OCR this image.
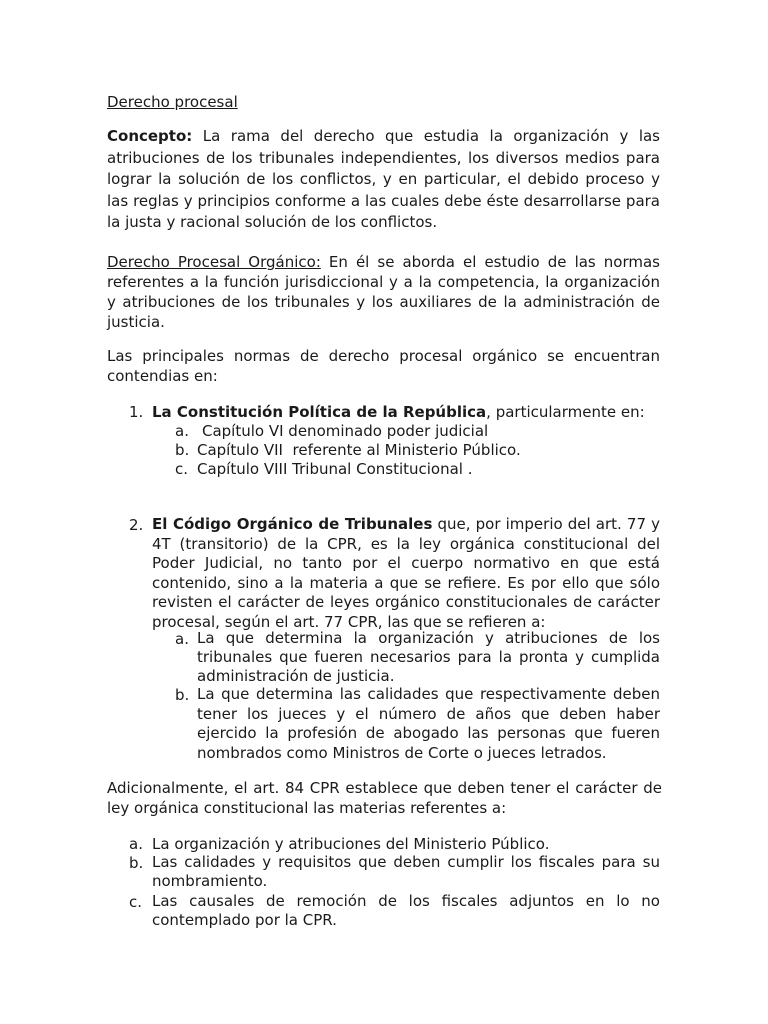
Derecho procesal

Concepto: La rama del derecho que estudia la organización y las atribuciones de los tribunales independientes, los diversos medios para lograr la solución de los conflictos, y en particular, el debido proceso y las reglas y principios conforme a las cuales debe éste desarrollarse para la justa y racional solución de los conflictos.

Derecho Procesal Orgánico: En él se aborda el estudio de las normas referentes a la función jurisdiccional y a la competencia, la organización y atribuciones de los tribunales y los auxiliares de la administración de justicia.

Las principales normas de derecho procesal orgánico se encuentran contendias en:

1. La Constitución Política de la República, particularmente en:

a. Capítulo VI denominado poder judicial
b. Capítulo VII  referente al Ministerio Público.
c. Capítulo VIII Tribunal Constitucional .
2. El Código Orgánico de Tribunales que, por imperio del art. 77 y 4T (transitorio) de la CPR, es la ley orgánica constitucional del Poder Judicial, no tanto por el cuerpo normativo en que está contenido, sino a la materia a que se refiere. Es por ello que sólo revisten el carácter de leyes orgánico constitucionales de carácter procesal, según el art. 77 CPR, las que se refieren a:

a. La que determina la organización y atribuciones de los tribunales que fueren necesarios para la pronta y cumplida administración de justicia.

b. La que determina las calidades que respectivamente deben tener los jueces y el número de años que deben haber ejercido la profesión de abogado las personas que fueren nombrados como Ministros de Corte o jueces letrados.

Adicionalmente, el art. 84 CPR establece que deben tener el carácter de ley orgánica constitucional las materias referentes a:

a. La organización y atribuciones del Ministerio Público.

b. Las calidades y requisitos que deben cumplir los fiscales para su nombramiento.

c. Las causales de remoción de los fiscales adjuntos en lo no contemplado por la CPR.
